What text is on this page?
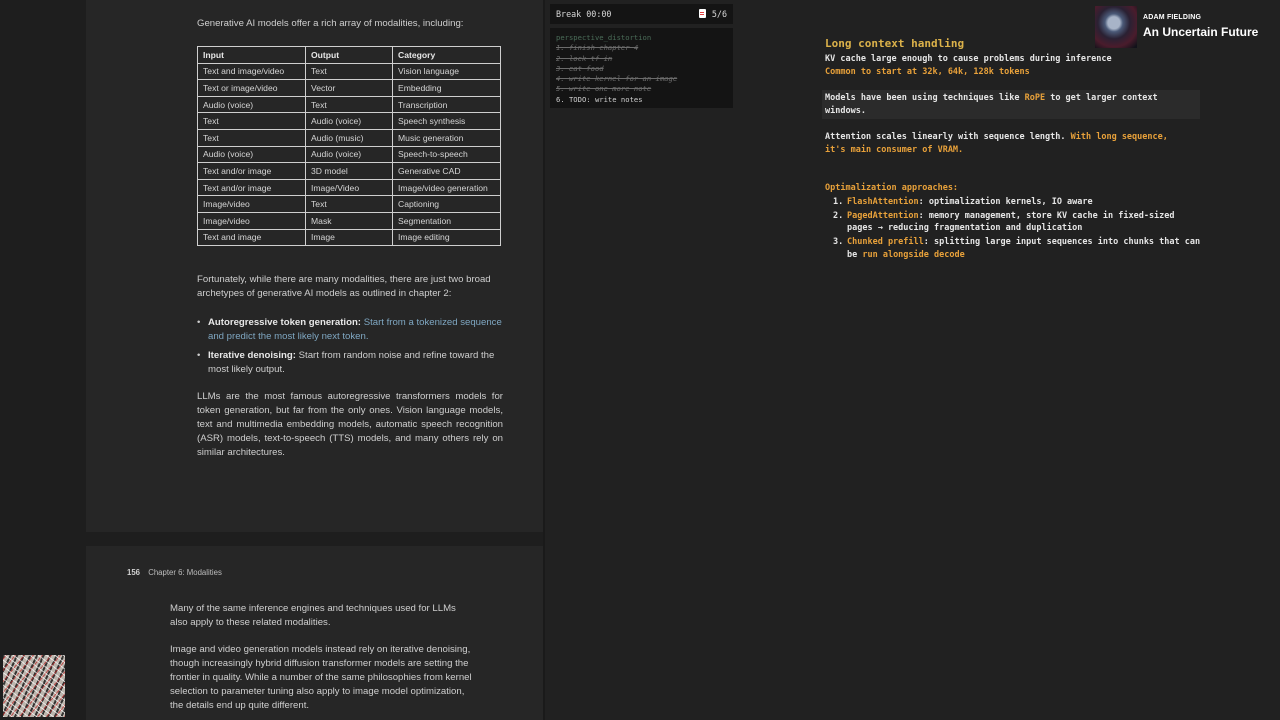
Generative AI models offer a rich array of modalities, including:

Input	Output	Category
Text and image/video	Text	Vision language
Text or image/video	Vector	Embedding
Audio (voice)	Text	Transcription
Text	Audio (voice)	Speech synthesis
Text	Audio (music)	Music generation
Audio (voice)	Audio (voice)	Speech-to-speech
Text and/or image	3D model	Generative CAD
Text and/or image	Image/Video	Image/video generation
Image/video	Text	Captioning
Image/video	Mask	Segmentation
Text and image	Image	Image editing

Fortunately, while there are many modalities, there are just two broad archetypes of generative AI models as outlined in chapter 2:

• Autoregressive token generation: Start from a tokenized sequence and predict the most likely next token.
• Iterative denoising: Start from random noise and refine toward the most likely output.

LLMs are the most famous autoregressive transformers models for token generation, but far from the only ones. Vision language models, text and multimedia embedding models, automatic speech recognition (ASR) models, text-to-speech (TTS) models, and many others rely on similar architectures.

156 Chapter 6: Modalities

Many of the same inference engines and techniques used for LLMs also apply to these related modalities.

Image and video generation models instead rely on iterative denoising, though increasingly hybrid diffusion transformer models are setting the frontier in quality. While a number of the same philosophies from kernel selection to parameter tuning also apply to image model optimization, the details end up quite different.

Break 00:00	5/6
perspective_distortion
1. finish chapter 4
2. lock tf in
3. eat food
4. write kernel for an image
5. write one more note
6. TODO: write notes
Long context handling
KV cache large enough to cause problems during inference
Common to start at 32k, 64k, 128k tokens
Models have been using techniques like RoPE to get larger context windows.
Attention scales linearly with sequence length. With long sequence, it's main consumer of VRAM.
Optimalization approaches:
1. FlashAttention: optimalization kernels, IO aware
2. PagedAttention: memory management, store KV cache in fixed-sized pages → reducing fragmentation and duplication
3. Chunked prefill: splitting large input sequences into chunks that can be run alongside decode
ADAM FIELDING
An Uncertain Future
